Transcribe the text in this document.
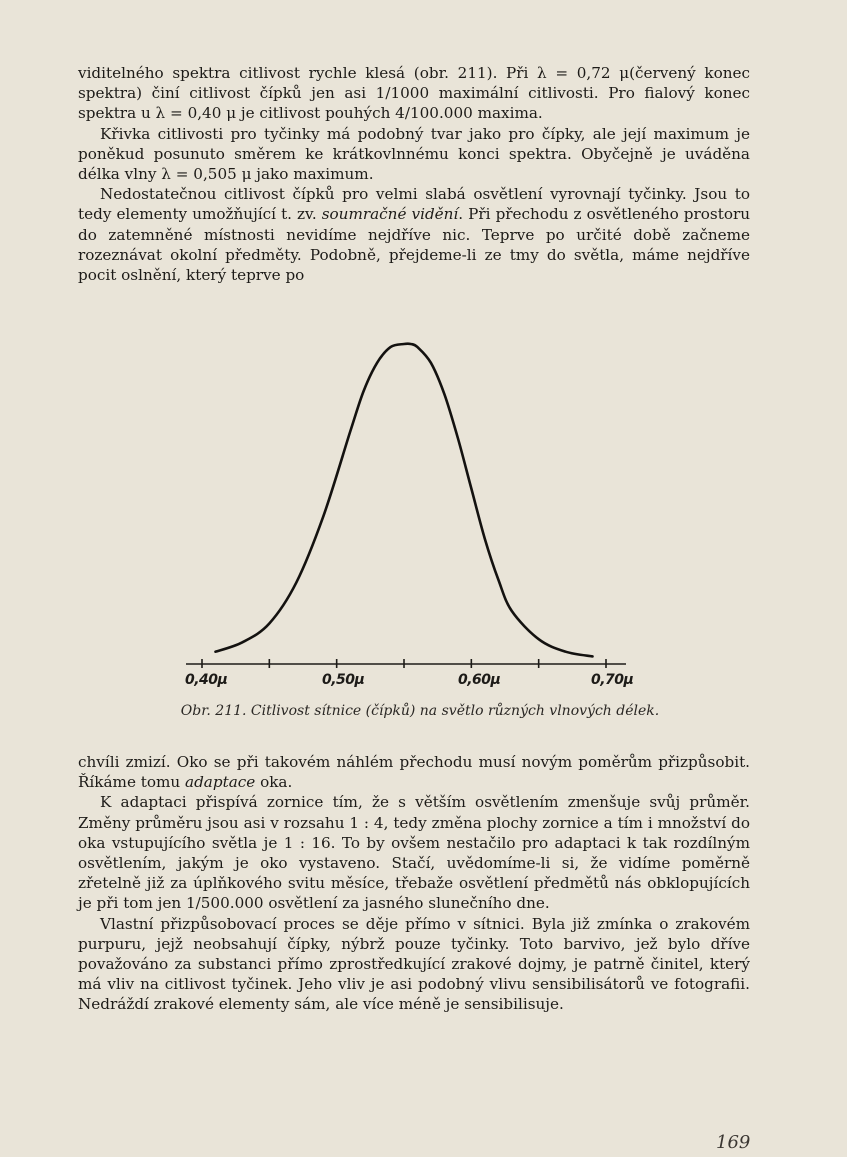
viditelného spektra citlivost rychle klesá (obr. 211). Při λ = 0,72 μ(červený konec spektra) činí citlivost čípků jen asi 1/1000 maximální citlivosti. Pro fialový konec spektra u λ = 0,40 μ je citlivost pouhých 4/100.000 maxima.

Křivka citlivosti pro tyčinky má podobný tvar jako pro čípky, ale její maximum je poněkud posunuto směrem ke krátkovlnnému konci spektra. Obyčejně je uváděna délka vlny λ = 0,505 μ jako maximum.

Nedostatečnou citlivost čípků pro velmi slabá osvětlení vyrovnají tyčinky. Jsou to tedy elementy umožňující t. zv. soumračné vidění. Při přechodu z osvětleného prostoru do zatemněné místnosti nevidíme nejdříve nic. Teprve po určité době začneme rozeznávat okolní předměty. Podobně, přejdeme-li ze tmy do světla, máme nejdříve pocit oslnění, který teprve po

0,40μ	0,50μ	0,60μ	0,70μ
Obr. 211. Citlivost sítnice (čípků) na světlo různých vlnových délek.

chvíli zmizí. Oko se při takovém náhlém přechodu musí novým poměrům přizpůsobit. Říkáme tomu adaptace oka.

K adaptaci přispívá zornice tím, že s větším osvětlením zmenšuje svůj průměr. Změny průměru jsou asi v rozsahu 1 : 4, tedy změna plochy zornice a tím i množství do oka vstupujícího světla je 1 : 16. To by ovšem nestačilo pro adaptaci k tak rozdílným osvětlením, jakým je oko vystaveno. Stačí, uvědomíme-li si, že vidíme poměrně zřetelně již za úplňkového svitu měsíce, třebaže osvětlení předmětů nás obklopujících je při tom jen 1/500.000 osvětlení za jasného slunečního dne.

Vlastní přizpůsobovací proces se děje přímo v sítnici. Byla již zmínka o zrakovém purpuru, jejž neobsahují čípky, nýbrž pouze tyčinky. Toto barvivo, jež bylo dříve považováno za substanci přímo zprostředkující zrakové dojmy, je patrně činitel, který má vliv na citlivost tyčinek. Jeho vliv je asi podobný vlivu sensibilisátorů ve fotografii. Nedráždí zrakové elementy sám, ale více méně je sensibilisuje.

169
